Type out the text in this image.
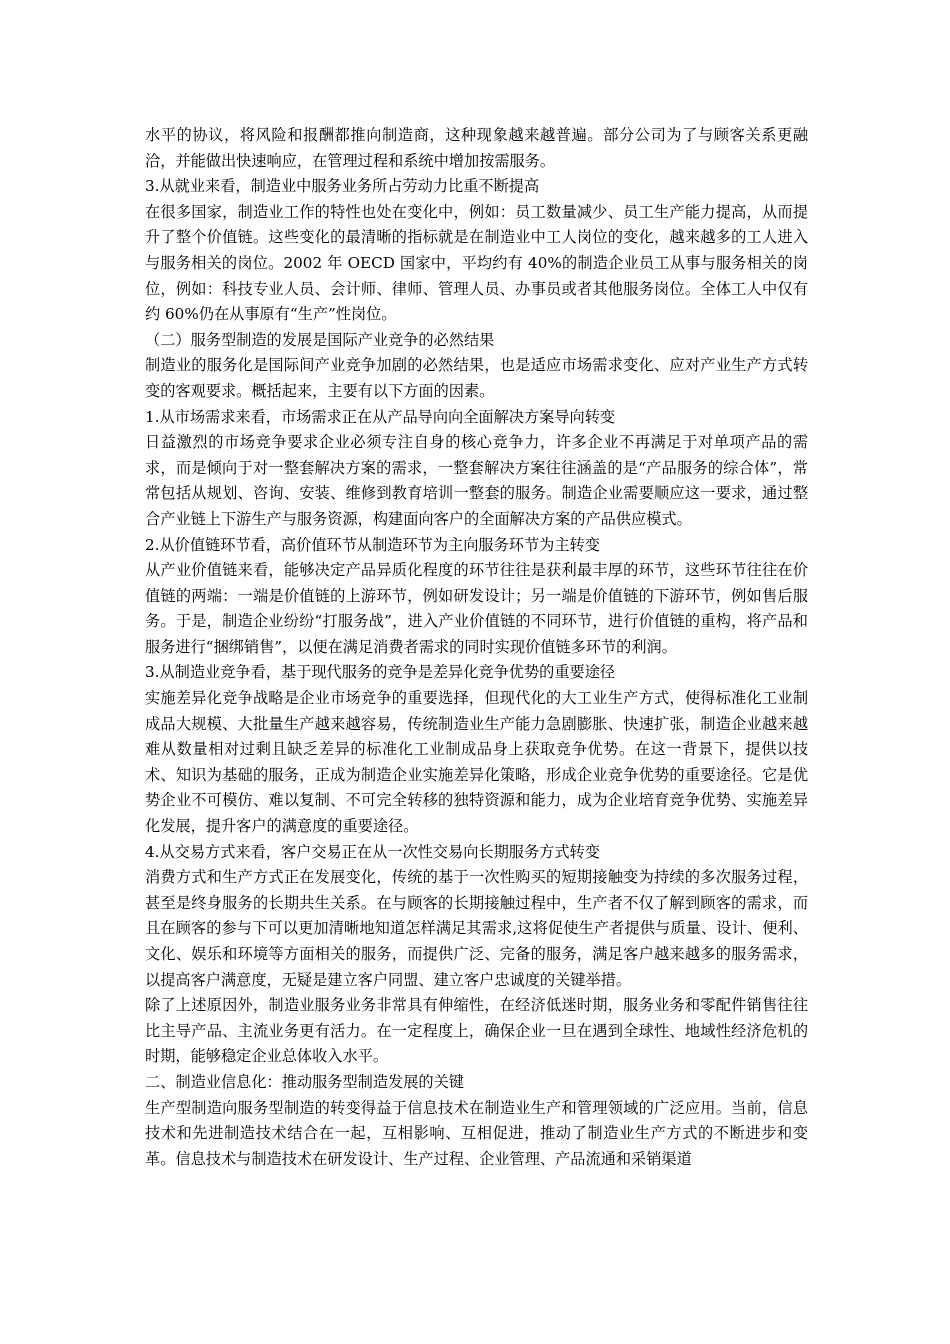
水平的协议，将风险和报酬都推向制造商，这种现象越来越普遍。部分公司为了与顾客关系更融洽，并能做出快速响应，在管理过程和系统中增加按需服务。

3.从就业来看，制造业中服务业务所占劳动力比重不断提高

在很多国家，制造业工作的特性也处在变化中，例如：员工数量减少、员工生产能力提高，从而提升了整个价值链。这些变化的最清晰的指标就是在制造业中工人岗位的变化，越来越多的工人进入与服务相关的岗位。2002 年 OECD 国家中，平均约有 40%的制造企业员工从事与服务相关的岗位，例如：科技专业人员、会计师、律师、管理人员、办事员或者其他服务岗位。全体工人中仅有约 60%仍在从事原有“生产”性岗位。

（二）服务型制造的发展是国际产业竞争的必然结果

制造业的服务化是国际间产业竞争加剧的必然结果，也是适应市场需求变化、应对产业生产方式转变的客观要求。概括起来，主要有以下方面的因素。

1.从市场需求来看，市场需求正在从产品导向向全面解决方案导向转变

日益激烈的市场竞争要求企业必须专注自身的核心竞争力，许多企业不再满足于对单项产品的需求，而是倾向于对一整套解决方案的需求，一整套解决方案往往涵盖的是“产品服务的综合体”，常常包括从规划、咨询、安装、维修到教育培训一整套的服务。制造企业需要顺应这一要求，通过整合产业链上下游生产与服务资源，构建面向客户的全面解决方案的产品供应模式。

2.从价值链环节看，高价值环节从制造环节为主向服务环节为主转变

从产业价值链来看，能够决定产品异质化程度的环节往往是获利最丰厚的环节，这些环节往往在价值链的两端：一端是价值链的上游环节，例如研发设计；另一端是价值链的下游环节，例如售后服务。于是，制造企业纷纷“打服务战”，进入产业价值链的不同环节，进行价值链的重构，将产品和服务进行“捆绑销售”，以便在满足消费者需求的同时实现价值链多环节的利润。

3.从制造业竞争看，基于现代服务的竞争是差异化竞争优势的重要途径

实施差异化竞争战略是企业市场竞争的重要选择，但现代化的大工业生产方式，使得标准化工业制成品大规模、大批量生产越来越容易，传统制造业生产能力急剧膨胀、快速扩张，制造企业越来越难从数量相对过剩且缺乏差异的标准化工业制成品身上获取竞争优势。在这一背景下，提供以技术、知识为基础的服务，正成为制造企业实施差异化策略，形成企业竞争优势的重要途径。它是优势企业不可模仿、难以复制、不可完全转移的独特资源和能力，成为企业培育竞争优势、实施差异化发展，提升客户的满意度的重要途径。

4.从交易方式来看，客户交易正在从一次性交易向长期服务方式转变

消费方式和生产方式正在发展变化，传统的基于一次性购买的短期接触变为持续的多次服务过程，甚至是终身服务的长期共生关系。在与顾客的长期接触过程中，生产者不仅了解到顾客的需求，而且在顾客的参与下可以更加清晰地知道怎样满足其需求,这将促使生产者提供与质量、设计、便利、文化、娱乐和环境等方面相关的服务，而提供广泛、完备的服务，满足客户越来越多的服务需求，以提高客户满意度，无疑是建立客户同盟、建立客户忠诚度的关键举措。

除了上述原因外，制造业服务业务非常具有伸缩性，在经济低迷时期，服务业务和零配件销售往往比主导产品、主流业务更有活力。在一定程度上，确保企业一旦在遇到全球性、地域性经济危机的时期，能够稳定企业总体收入水平。

二、制造业信息化：推动服务型制造发展的关键

生产型制造向服务型制造的转变得益于信息技术在制造业生产和管理领域的广泛应用。当前，信息技术和先进制造技术结合在一起，互相影响、互相促进，推动了制造业生产方式的不断进步和变革。信息技术与制造技术在研发设计、生产过程、企业管理、产品流通和采销渠道
